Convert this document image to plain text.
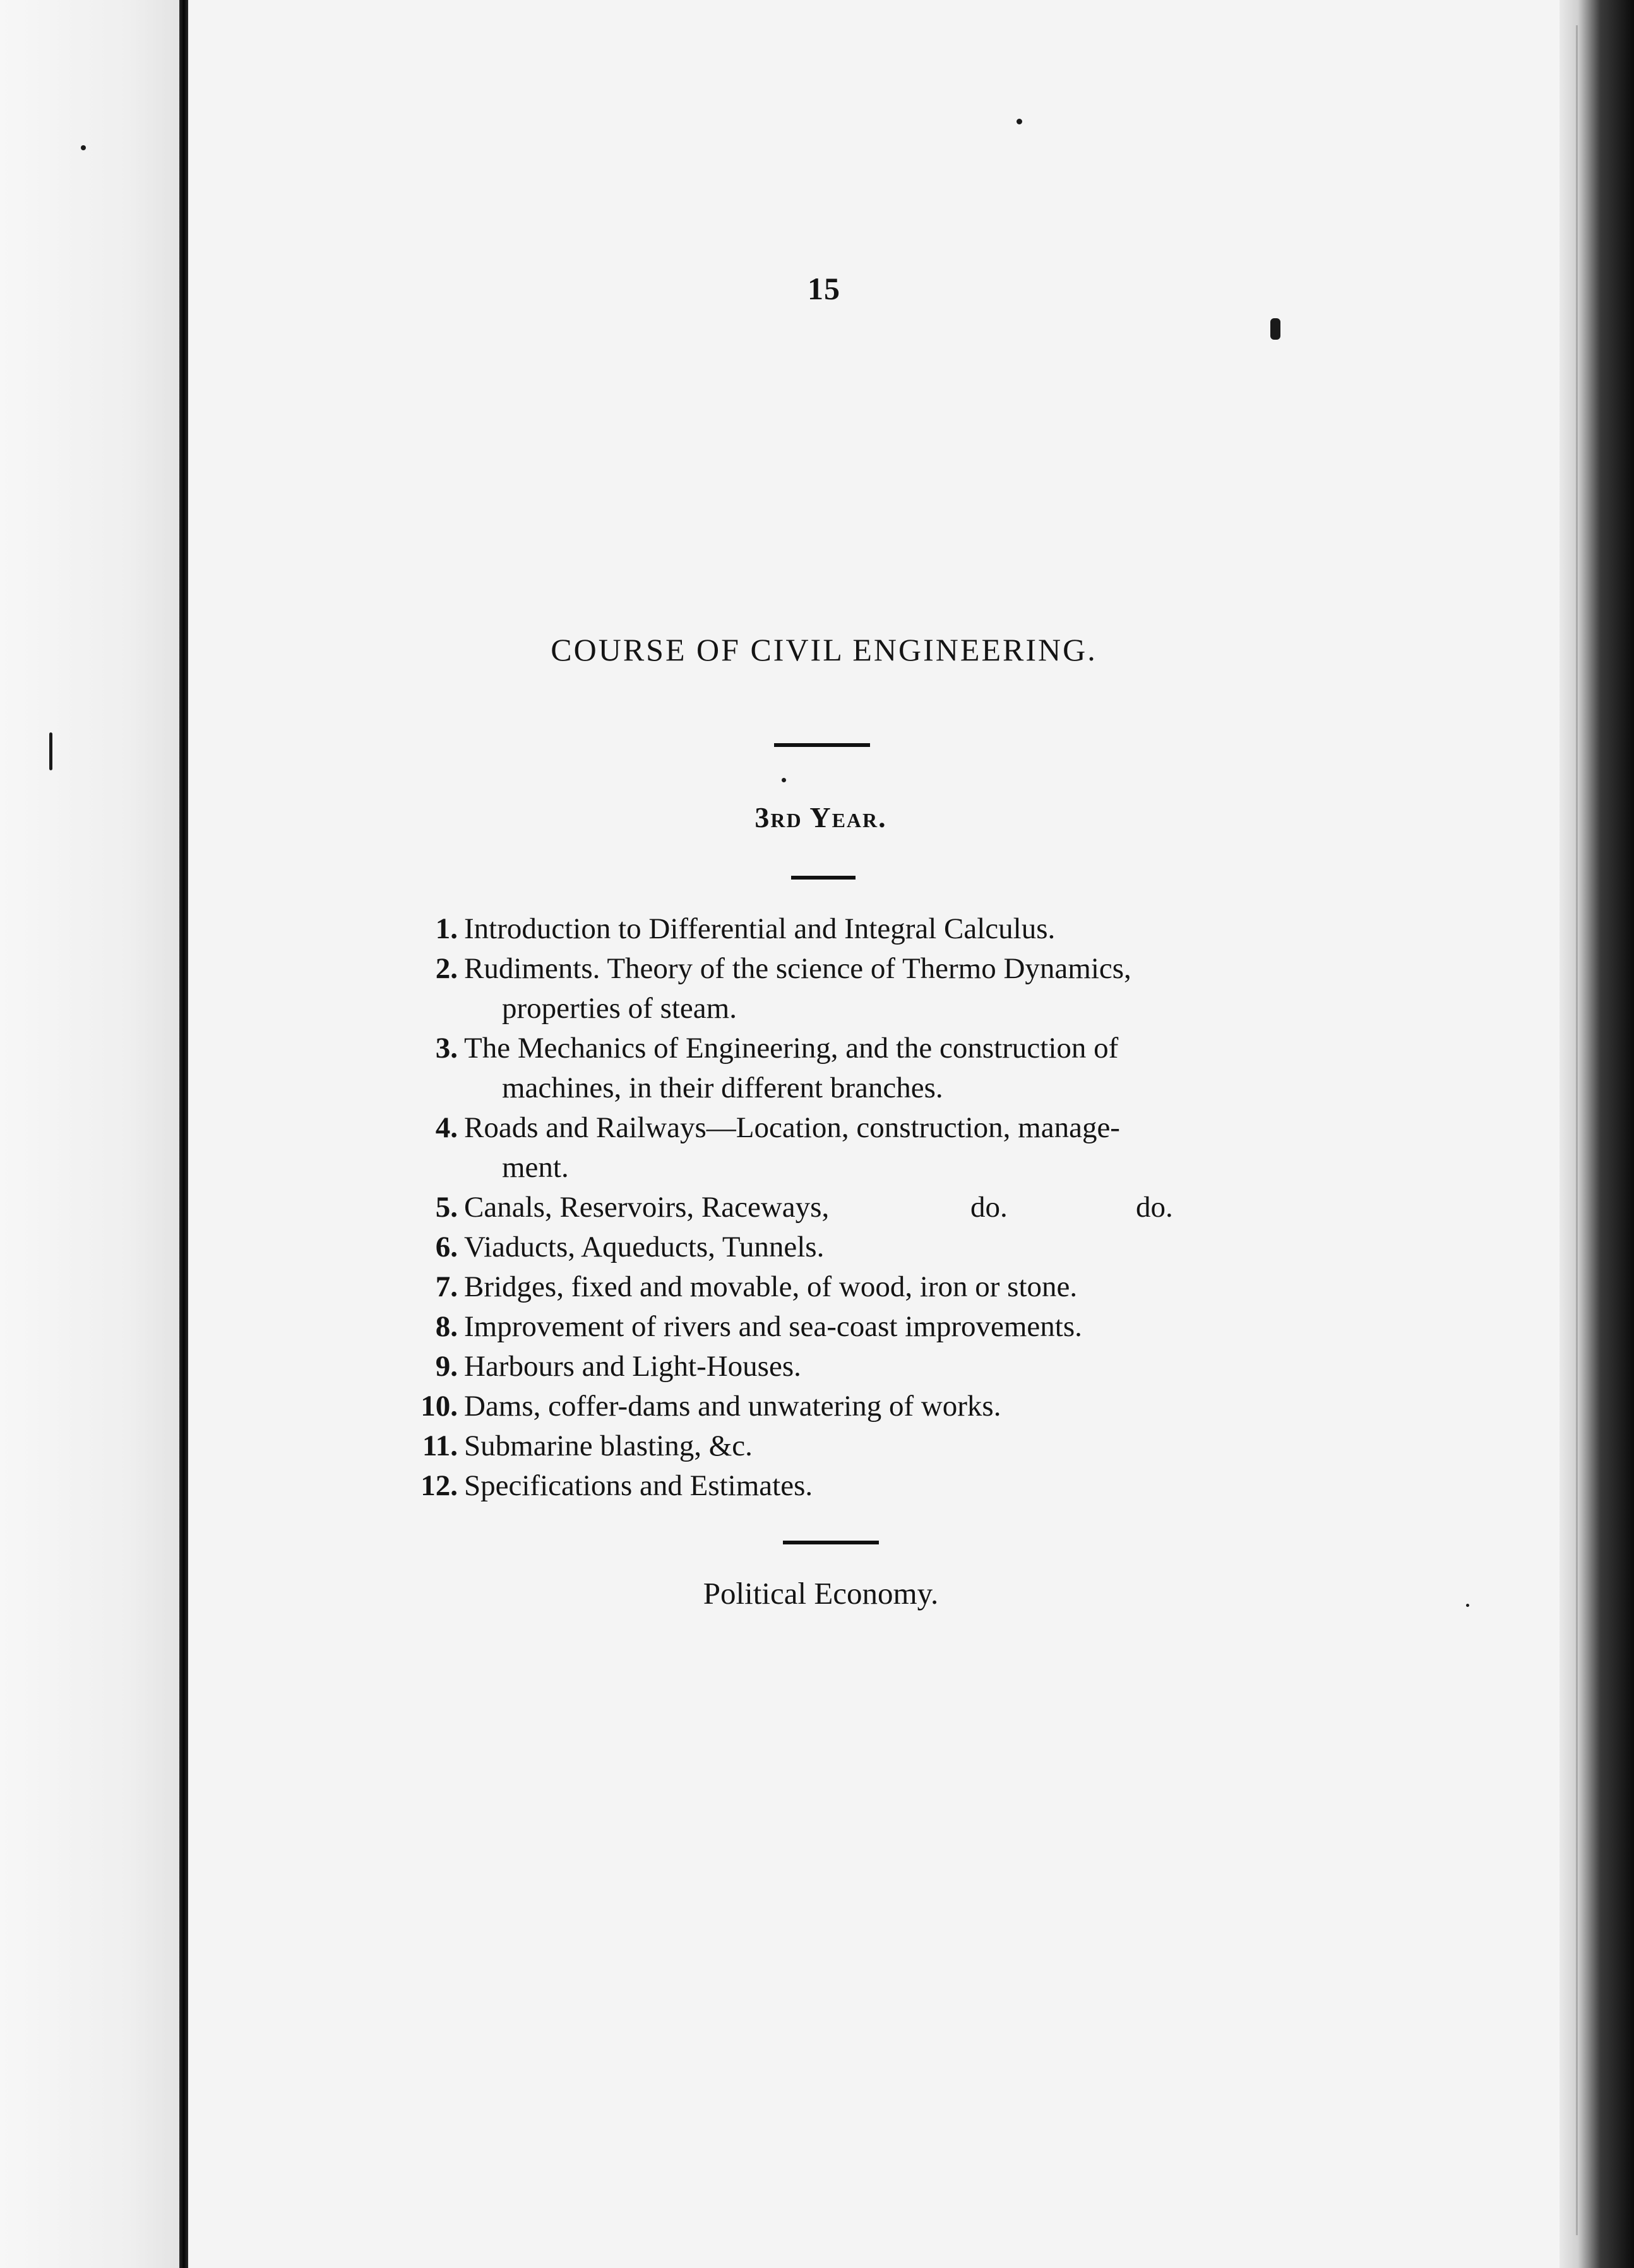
15
COURSE OF CIVIL ENGINEERING.
3rd Year.
1. Introduction to Differential and Integral Calculus.
2. Rudiments. Theory of the science of Thermo Dynamics,
properties of steam.
3. The Mechanics of Engineering, and the construction of
machines, in their different branches.
4. Roads and Railways—Location, construction, manage-
ment.
5. Canals, Reservoirs, Raceways,	do.	do.
6. Viaducts, Aqueducts, Tunnels.
7. Bridges, fixed and movable, of wood, iron or stone.
8. Improvement of rivers and sea-coast improvements.
9. Harbours and Light-Houses.
10. Dams, coffer-dams and unwatering of works.
11. Submarine blasting, &c.
12. Specifications and Estimates.
Political Economy.
